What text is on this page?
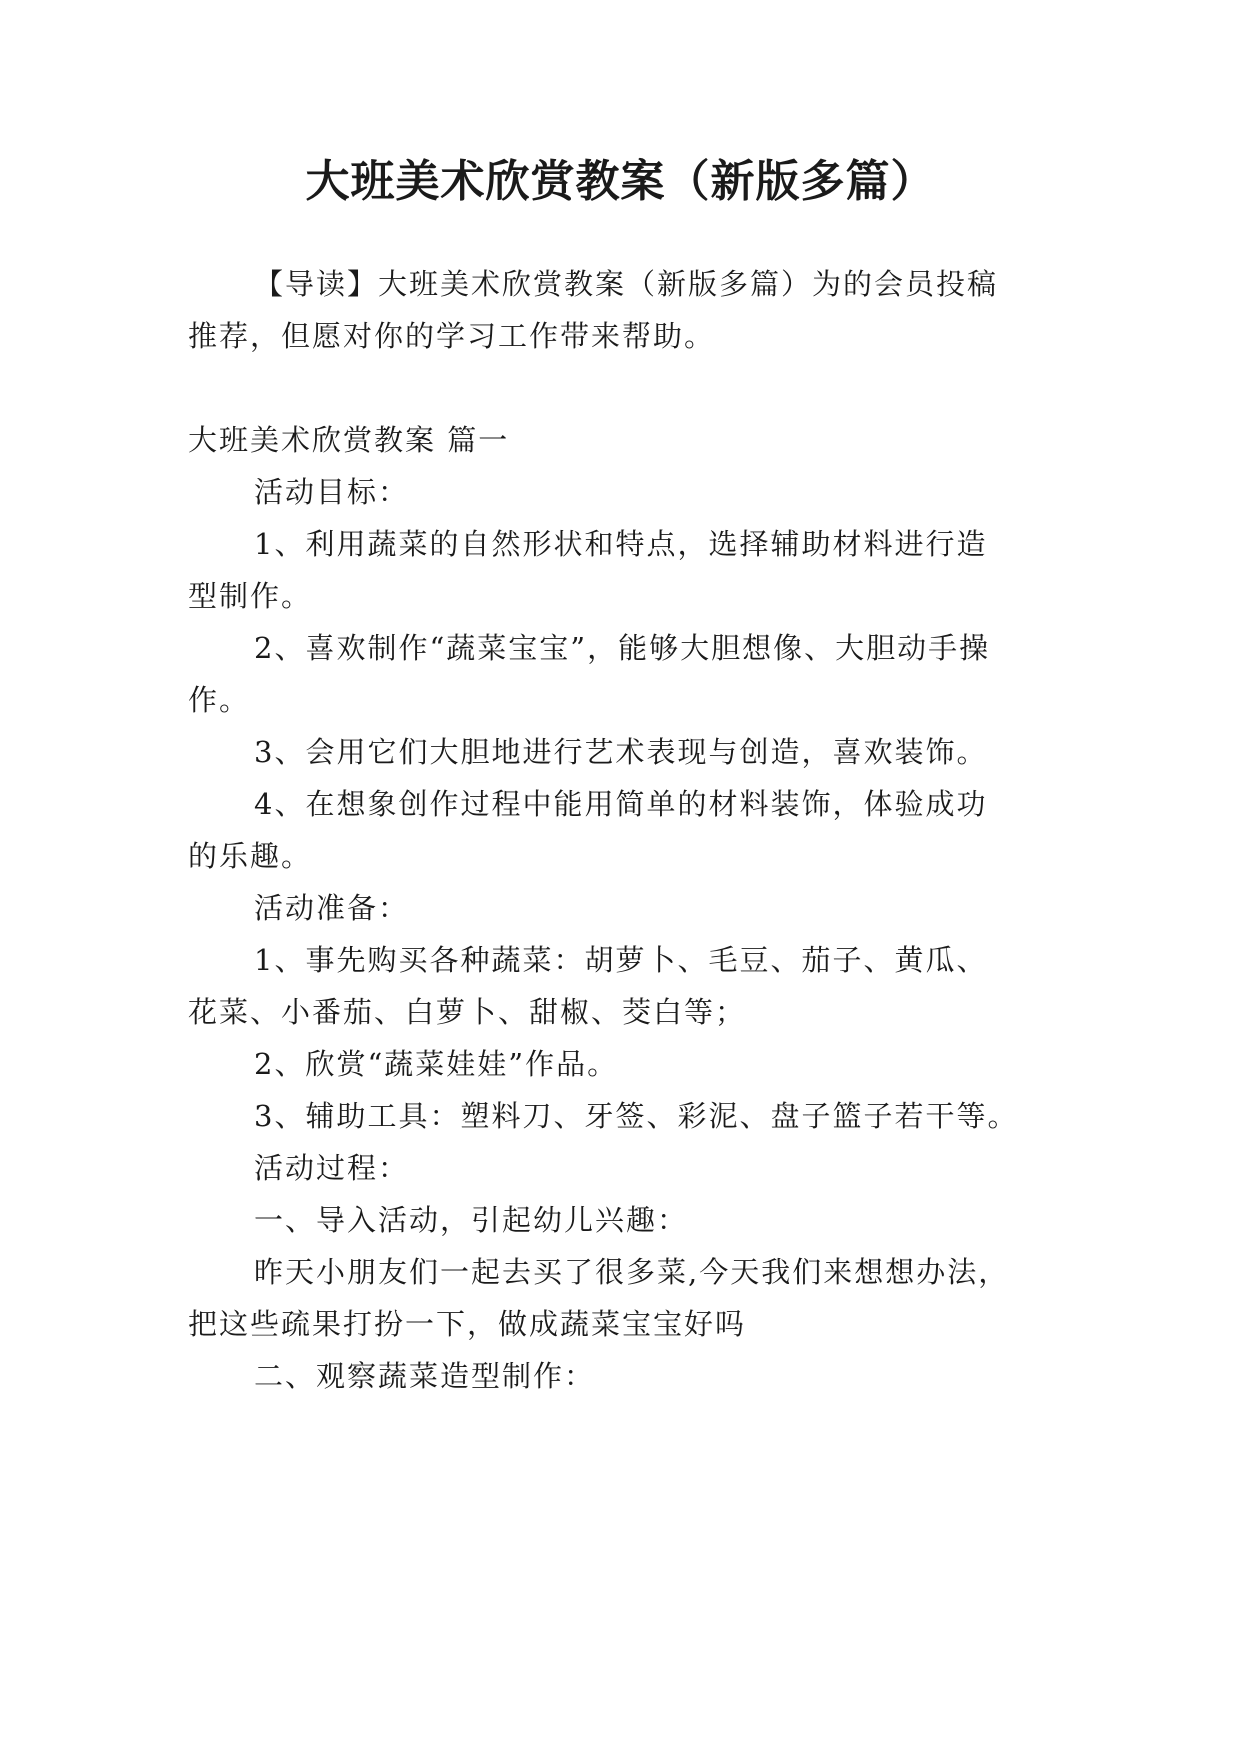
大班美术欣赏教案（新版多篇）
【导读】大班美术欣赏教案（新版多篇）为的会员投稿
推荐，但愿对你的学习工作带来帮助。
大班美术欣赏教案 篇一
活动目标：
1、利用蔬菜的自然形状和特点，选择辅助材料进行造
型制作。
2、喜欢制作“蔬菜宝宝”，能够大胆想像、大胆动手操
作。
3、会用它们大胆地进行艺术表现与创造，喜欢装饰。
4、在想象创作过程中能用简单的材料装饰，体验成功
的乐趣。
活动准备：
1、事先购买各种蔬菜：胡萝卜、毛豆、茄子、黄瓜、
花菜、小番茄、白萝卜、甜椒、茭白等；
2、欣赏“蔬菜娃娃”作品。
3、辅助工具：塑料刀、牙签、彩泥、盘子篮子若干等。
活动过程：
一、导入活动，引起幼儿兴趣：
昨天小朋友们一起去买了很多菜,今天我们来想想办法，
把这些疏果打扮一下，做成蔬菜宝宝好吗
二、观察蔬菜造型制作：
